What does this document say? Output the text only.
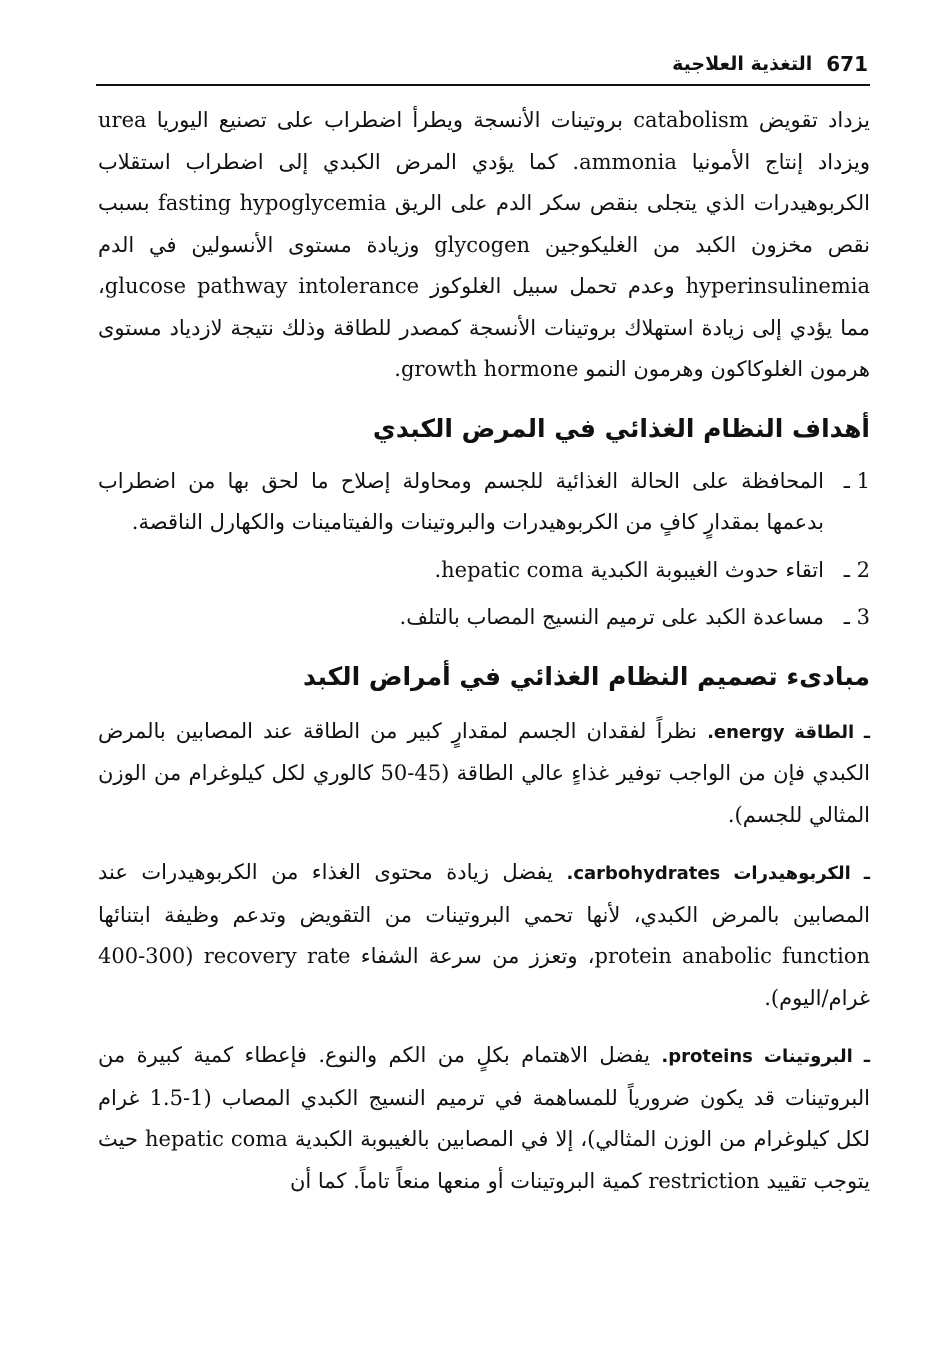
671
التغذية العلاجية

يزداد تقويض catabolism بروتينات الأنسجة ويطرأ اضطراب على تصنيع اليوريا urea ويزداد إنتاج الأمونيا ammonia. كما يؤدي المرض الكبدي إلى اضطراب استقلاب الكربوهيدرات الذي يتجلى بنقص سكر الدم على الريق fasting hypoglycemia بسبب نقص مخزون الكبد من الغليكوجين glycogen وزيادة مستوى الأنسولين في الدم hyperinsulinemia وعدم تحمل سبيل الغلوكوز glucose pathway intolerance، مما يؤدي إلى زيادة استهلاك بروتينات الأنسجة كمصدر للطاقة وذلك نتيجة لازدياد مستوى هرمون الغلوكاكون وهرمون النمو growth hormone.

أهداف النظام الغذائي في المرض الكبدي
1 ـ
المحافظة على الحالة الغذائية للجسم ومحاولة إصلاح ما لحق بها من اضطراب بدعمها بمقدارٍ كافٍ من الكربوهيدرات والبروتينات والفيتامينات والكهارل الناقصة.
2 ـ
اتقاء حدوث الغيبوبة الكبدية hepatic coma.
3 ـ
مساعدة الكبد على ترميم النسيج المصاب بالتلف.
مبادىء تصميم النظام الغذائي في أمراض الكبد

ـ الطاقة energy. نظراً لفقدان الجسم لمقدارٍ كبير من الطاقة عند المصابين بالمرض الكبدي فإن من الواجب توفير غذاءٍ عالي الطاقة (45-50 كالوري لكل كيلوغرام من الوزن المثالي للجسم).

ـ الكربوهيدرات carbohydrates. يفضل زيادة محتوى الغذاء من الكربوهيدرات عند المصابين بالمرض الكبدي، لأنها تحمي البروتينات من التقويض وتدعم وظيفة ابتنائها protein anabolic function، وتعزز من سرعة الشفاء recovery rate (400-300 غرام/اليوم).

ـ البروتينات proteins. يفضل الاهتمام بكلٍ من الكم والنوع. فإعطاء كمية كبيرة من البروتينات قد يكون ضرورياً للمساهمة في ترميم النسيج الكبدي المصاب (1-1.5 غرام لكل كيلوغرام من الوزن المثالي)، إلا في المصابين بالغيبوبة الكبدية hepatic coma حيث يتوجب تقييد restriction كمية البروتينات أو منعها منعاً تاماً. كما أن
